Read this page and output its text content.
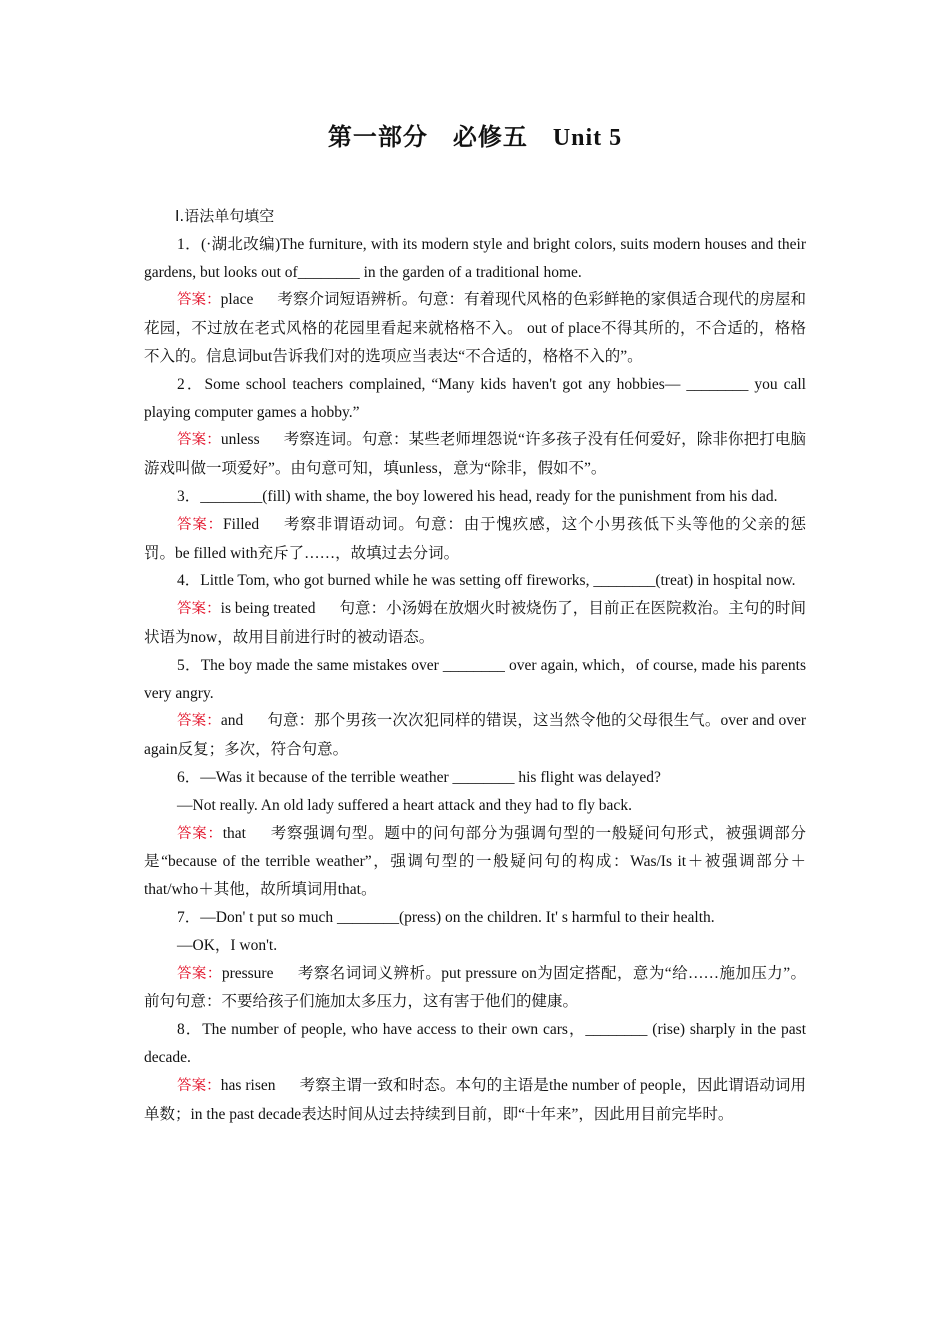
第一部分　必修五　Unit 5
Ⅰ.语法单句填空

1．(·湖北改编)The furniture, with its modern style and bright colors, suits modern houses and their gardens, but looks out of________ in the garden of a traditional home.

答案：place 考察介词短语辨析。句意：有着现代风格的色彩鲜艳的家俱适合现代的房屋和花园，不过放在老式风格的花园里看起来就格格不入。 out of place不得其所的，不合适的，格格不入的。信息词but告诉我们对的选项应当表达“不合适的，格格不入的”。

2．Some school teachers complained, “Many kids haven't got any hobbies— ________ you call playing computer games a hobby.”

答案：unless 考察连词。句意：某些老师埋怨说“许多孩子没有任何爱好，除非你把打电脑游戏叫做一项爱好”。由句意可知，填unless，意为“除非，假如不”。

3．________(fill) with shame, the boy lowered his head, ready for the punishment from his dad.

答案：Filled 考察非谓语动词。句意：由于愧疚感，这个小男孩低下头等他的父亲的惩罚。be filled with充斥了……，故填过去分词。

4．Little Tom, who got burned while he was setting off fireworks, ________(treat) in hospital now.

答案：is being treated 句意：小汤姆在放烟火时被烧伤了，目前正在医院救治。主句的时间状语为now，故用目前进行时的被动语态。

5．The boy made the same mistakes over ________ over again, which，of course, made his parents very angry.

答案：and 句意：那个男孩一次次犯同样的错误，这当然令他的父母很生气。over and over again反复；多次，符合句意。

6．—Was it because of the terrible weather ________ his flight was delayed?

—Not really. An old lady suffered a heart attack and they had to fly back.

答案：that 考察强调句型。题中的问句部分为强调句型的一般疑问句形式，被强调部分是“because of the terrible weather”，强调句型的一般疑问句的构成：Was/Is it＋被强调部分＋that/who＋其他，故所填词用that。

7．—Don' t put so much ________(press) on the children. It' s harmful to their health.

—OK，I won't.

答案：pressure 考察名词词义辨析。put pressure on为固定搭配，意为“给……施加压力”。前句句意：不要给孩子们施加太多压力，这有害于他们的健康。

8．The number of people, who have access to their own cars，________ (rise) sharply in the past decade.

答案：has risen 考察主谓一致和时态。本句的主语是the number of people，因此谓语动词用单数；in the past decade表达时间从过去持续到目前，即“十年来”，因此用目前完毕时。
